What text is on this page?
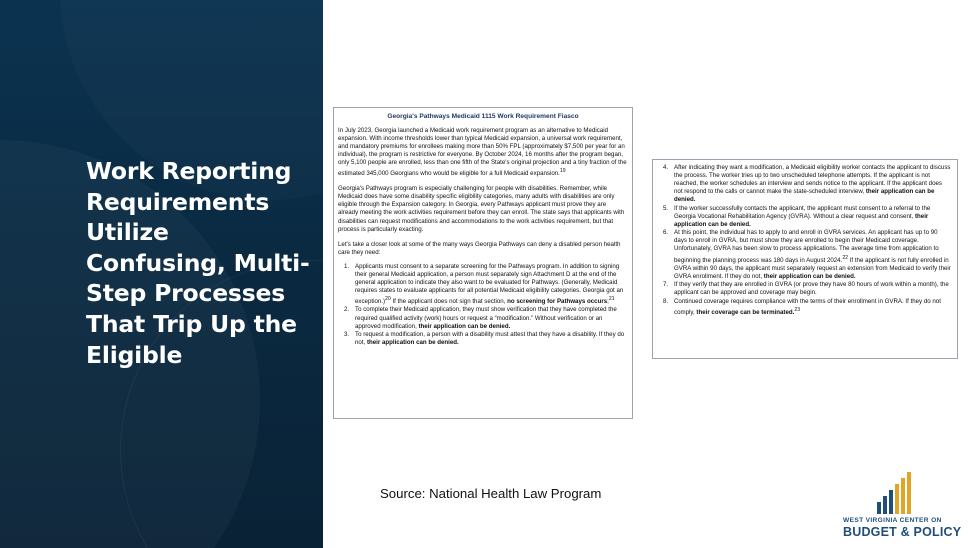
Work Reporting Requirements Utilize Confusing, Multi-Step Processes That Trip Up the Eligible
Georgia's Pathways Medicaid 1115 Work Requirement Fiasco
In July 2023, Georgia launched a Medicaid work requirement program as an alternative to Medicaid expansion. With income thresholds lower than typical Medicaid expansion, a universal work requirement, and mandatory premiums for enrollees making more than 50% FPL (approximately $7,500 per year for an individual), the program is restrictive for everyone. By October 2024, 16 months after the program began, only 5,100 people are enrolled, less than one fifth of the State's original projection and a tiny fraction of the estimated 345,000 Georgians who would be eligible for a full Medicaid expansion.$^{19}$
Georgia's Pathways program is especially challenging for people with disabilities. Remember, while Medicaid does have some disability specific eligibility categories, many adults with disabilities are only eligible through the Expansion category. In Georgia, every Pathways applicant must prove they are already meeting the work activities requirement before they can enroll. The state says that applicants with disabilities can request modifications and accommodations to the work activities requirement, but that process is particularly exacting.
Let's take a closer look at some of the many ways Georgia Pathways can deny a disabled person health care they need:
1. Applicants must consent to a separate screening for the Pathways program. In addition to signing their general Medicaid application, a person must separately sign Attachment D at the end of the general application to indicate they also want to be evaluated for Pathways. (Generally, Medicaid requires states to evaluate applicants for all potential Medicaid eligibility categories. Georgia got an exception.)$^{20}$ If the applicant does not sign that section, no screening for Pathways occurs;$^{21}$
2. To complete their Medicaid application, they must show verification that they have completed the required qualified activity (work) hours or request a “modification.” Without verification or an approved modification, their application can be denied.
3. To request a modification, a person with a disability must attest that they have a disability. If they do not, their application can be denied.
4. After indicating they want a modification, a Medicaid eligibility worker contacts the applicant to discuss the process. The worker tries up to two unscheduled telephone attempts. If the applicant is not reached, the worker schedules an interview and sends notice to the applicant. If the applicant does not respond to the calls or cannot make the state-scheduled interview, their application can be denied.
5. If the worker successfully contacts the applicant, the applicant must consent to a referral to the Georgia Vocational Rehabilitation Agency (GVRA). Without a clear request and consent, their application can be denied.
6. At this point, the individual has to apply to and enroll in GVRA services. An applicant has up to 90 days to enroll in GVRA, but must show they are enrolled to begin their Medicaid coverage. Unfortunately, GVRA has been slow to process applications. The average time from application to beginning the planning process was 180 days in August 2024.22 If the applicant is not fully enrolled in GVRA within 90 days, the applicant must separately request an extension from Medicaid to verify their GVRA enrollment. If they do not, their application can be denied.
7. If they verify that they are enrolled in GVRA (or prove they have 80 hours of work within a month), the applicant can be approved and coverage may begin.
8. Continued coverage requires compliance with the terms of their enrollment in GVRA. If they do not comply, their coverage can be terminated.$^{23}$
Source: National Health Law Program
WEST VIRGINIA CENTER ON
BUDGET & POLICY
